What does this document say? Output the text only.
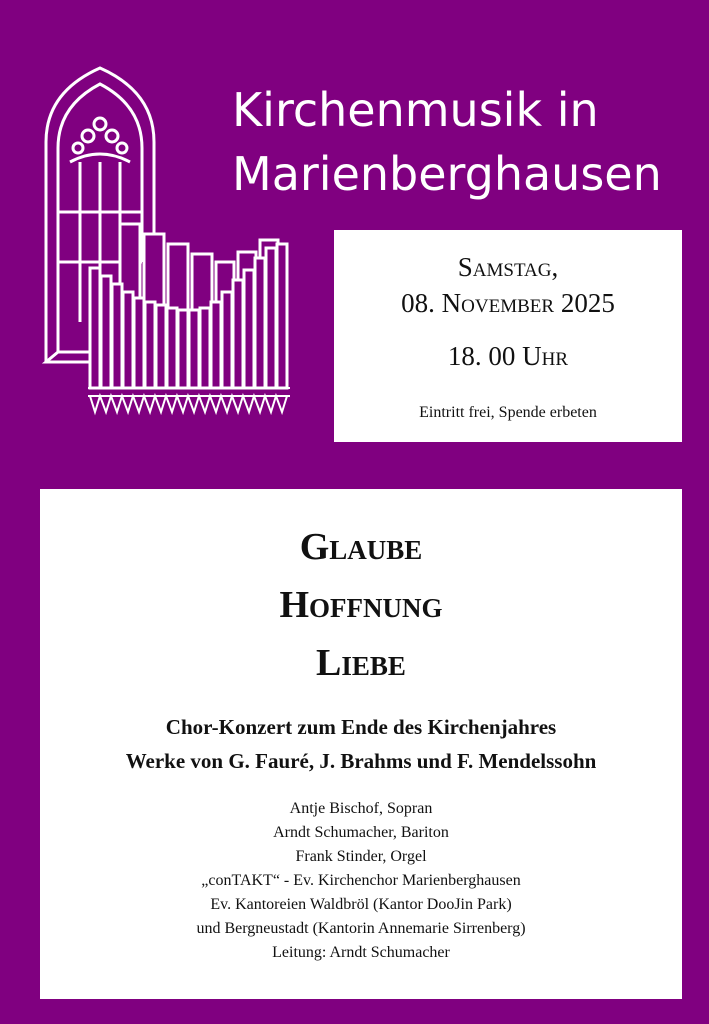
Kirchenmusik in
Marienberghausen
Samstag,
08. November 2025
18. 00 Uhr
Eintritt frei, Spende erbeten
Glaube
Hoffnung
Liebe
Chor-Konzert zum Ende des Kirchenjahres
Werke von G. Fauré, J. Brahms und F. Mendelssohn
Antje Bischof, Sopran
Arndt Schumacher, Bariton
Frank Stinder, Orgel
„conTAKT“ - Ev. Kirchenchor Marienberghausen
Ev. Kantoreien Waldbröl (Kantor DooJin Park)
und Bergneustadt (Kantorin Annemarie Sirrenberg)
Leitung: Arndt Schumacher
